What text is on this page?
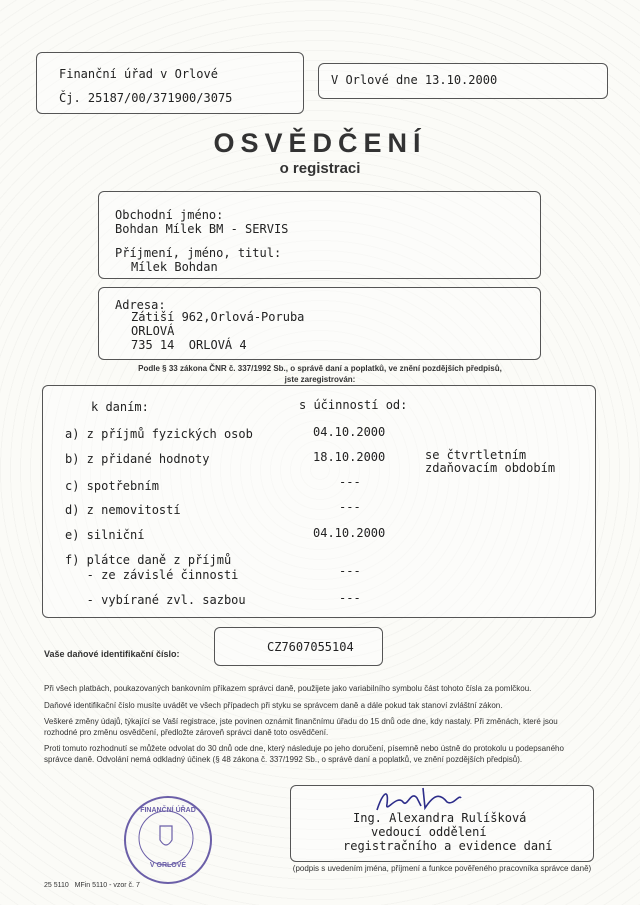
Finanční úřad v Orlové
Čj. 25187/00/371900/3075
V Orlové dne 13.10.2000
OSVĚDČENÍ
o registraci
Obchodní jméno:
Bohdan Mílek BM - SERVIS
Příjmení, jméno, titul:
Mílek Bohdan
Adresa:
Zátiší 962,Orlová-Poruba
ORLOVÁ
735 14  ORLOVÁ 4
Podle § 33 zákona ČNR č. 337/1992 Sb., o správě daní a poplatků, ve znění pozdějších předpisů,
jste zaregistrován:
k daním:	s účinností od:
a) z příjmů fyzických osob	04.10.2000
b) z přidané hodnoty	18.10.2000	se čtvrtletním
zdaňovacím obdobím
c) spotřebním	---
d) z nemovitostí	---
e) silniční	04.10.2000
f) plátce daně z příjmů
- ze závislé činnosti	---
- vybírané zvl. sazbou	---
Vaše daňové identifikační číslo:	CZ7607055104
Při všech platbách, poukazovaných bankovním příkazem správci daně, použijete jako variabilního symbolu část tohoto čísla za pomlčkou.
Daňové identifikační číslo musíte uvádět ve všech případech při styku se správcem daně a dále pokud tak stanoví zvláštní zákon.
Veškeré změny údajů, týkající se Vaší registrace, jste povinen oznámit finančnímu úřadu do 15 dnů ode dne, kdy nastaly. Při změnách, které jsou rozhodné pro změnu osvědčení, předložte zároveň správci daně toto osvědčení.
Proti tomuto rozhodnutí se můžete odvolat do 30 dnů ode dne, který následuje po jeho doručení, písemně nebo ústně do protokolu u podepsaného správce daně. Odvolání nemá odkladný účinek (§ 48 zákona č. 337/1992 Sb., o správě daní a poplatků, ve znění pozdějších předpisů).
FINANČNÍ ÚŘAD
V ORLOVÉ
Ing. Alexandra Rulíšková
vedoucí oddělení
registračního a evidence daní
(podpis s uvedením jména, příjmení a funkce pověřeného pracovníka správce daně)
25 5110   MFin 5110 - vzor č. 7
